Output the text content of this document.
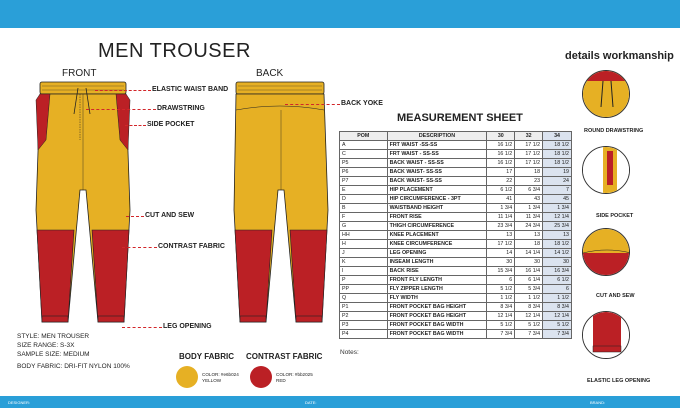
MEN TROUSER
FRONT	BACK
ELASTIC WAIST BAND
DRAWSTRING
SIDE POCKET
CUT AND SEW
CONTRAST FABRIC
LEG OPENING
BACK YOKE
MEASUREMENT SHEET
POM	DESCRIPTION	30	32	34
A	FRT WAIST -SS-SS	16 1/2	17 1/2	18 1/2
C	FRT WAIST - SS-SS	16 1/2	17 1/2	18 1/2
P5	BACK WAIST - SS-SS	16 1/2	17 1/2	18 1/2
P6	BACK WAIST- SS-SS	17	18	19
P7	BACK WAIST- SS-SS	22	23	24
E	HIP PLACEMENT	6 1/2	6 3/4	7
D	HIP CIRCUMFERENCE - 3PT	41	43	45
B	WAISTBAND HEIGHT	1 3/4	1 3/4	1 3/4
F	FRONT RISE	11 1/4	11 3/4	12 1/4
G	THIGH CIRCUMFERENCE	23 3/4	24 3/4	25 3/4
HH	KNEE PLACEMENT	13	13	13
H	KNEE CIRCUMFERENCE	17 1/2	18	18 1/2
J	LEG OPENING	14	14 1/4	14 1/2
K	INSEAM LENGTH	30	30	30
I	BACK RISE	15 3/4	16 1/4	16 3/4
P	FRONT FLY LENGTH	6	6 1/4	6 1/2
PP	FLY ZIPPER LENGTH	5 1/2	5 3/4	6
Q	FLY WIDTH	1 1/2	1 1/2	1 1/2
P1	FRONT POCKET BAG HEIGHT	8 3/4	8 3/4	8 3/4
P2	FRONT POCKET BAG HEIGHT	12 1/4	12 1/4	12 1/4
P3	FRONT POCKET BAG WIDTH	5 1/2	5 1/2	5 1/2
P4	FRONT POCKET BAG WIDTH	7 3/4	7 3/4	7 3/4
Notes:
STYLE: MEN TROUSER
SIZE RANGE: S-3X
SAMPLE SIZE: MEDIUM
BODY FABRIC: DRI-FIT NYLON 100%
BODY FABRIC CONTRAST FABRIC
COLOR: #e6b024
YELLOW
COLOR: #bb2025
RED
details workmanship
ROUND DRAWSTRING
SIDE POCKET
CUT AND SEW
ELASTIC LEG OPENING
DESIGNER:	DATE:	BRAND:
